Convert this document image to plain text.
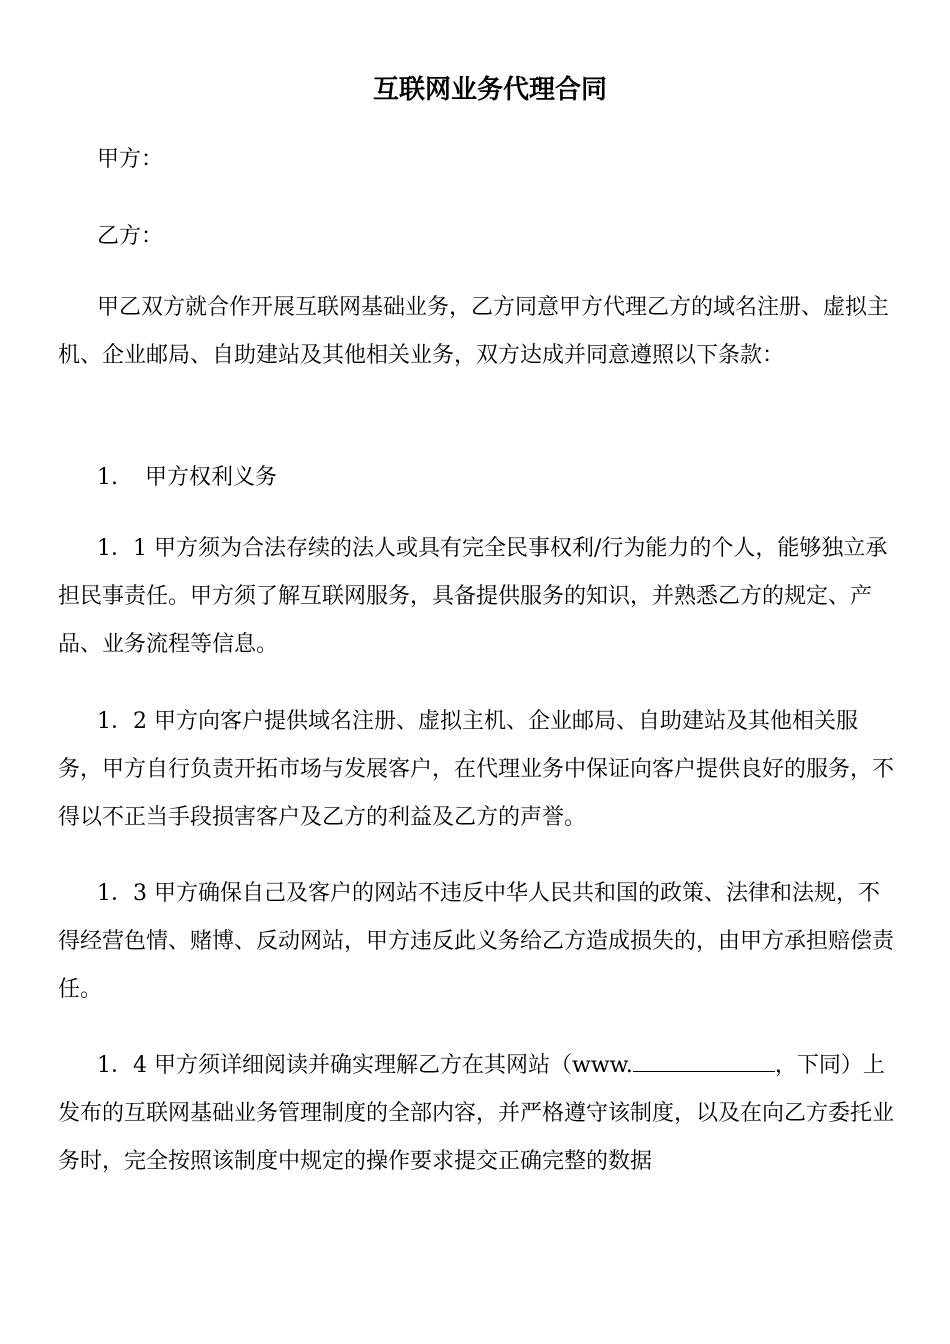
互联网业务代理合同

甲方：

乙方：

甲乙双方就合作开展互联网基础业务，乙方同意甲方代理乙方的域名注册、虚拟主机、企业邮局、自助建站及其他相关业务，双方达成并同意遵照以下条款：

1. 甲方权利义务

1．1 甲方须为合法存续的法人或具有完全民事权利/行为能力的个人，能够独立承担民事责任。甲方须了解互联网服务，具备提供服务的知识，并熟悉乙方的规定、产品、业务流程等信息。

1．2 甲方向客户提供域名注册、虚拟主机、企业邮局、自助建站及其他相关服务，甲方自行负责开拓市场与发展客户，在代理业务中保证向客户提供良好的服务，不得以不正当手段损害客户及乙方的利益及乙方的声誉。

1．3 甲方确保自己及客户的网站不违反中华人民共和国的政策、法律和法规，不得经营色情、赌博、反动网站，甲方违反此义务给乙方造成损失的，由甲方承担赔偿责任。

1．4 甲方须详细阅读并确实理解乙方在其网站（www.	，下同）上发布的互联网基础业务管理制度的全部内容，并严格遵守该制度，以及在向乙方委托业务时，完全按照该制度中规定的操作要求提交正确完整的数据
